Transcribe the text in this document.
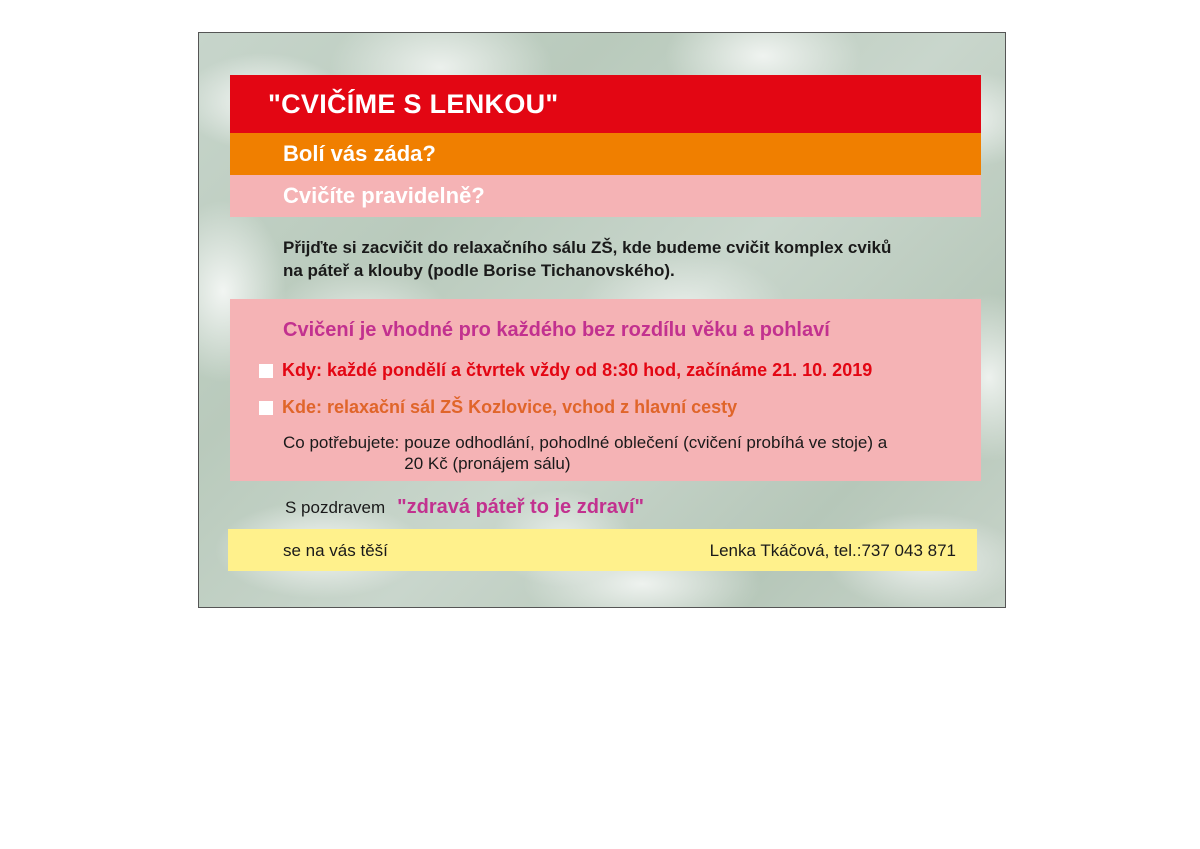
"CVIČÍME S LENKOU"
Bolí vás záda?
Cvičíte pravidelně?
Přijďte si zacvičit do relaxačního sálu ZŠ, kde budeme cvičit komplex cviků
na páteř a klouby (podle Borise Tichanovského).
Cvičení je vhodné pro každého bez rozdílu věku a pohlaví
Kdy: každé pondělí a čtvrtek vždy od 8:30 hod, začínáme 21. 10. 2019
Kde: relaxační sál ZŠ Kozlovice, vchod z hlavní cesty
Co potřebujete: pouze odhodlání, pohodlné oblečení (cvičení probíhá ve stoje) a
20 Kč (pronájem sálu)
S pozdravem "zdravá páteř to je zdraví"
se na vás těší	Lenka Tkáčová, tel.:737 043 871
